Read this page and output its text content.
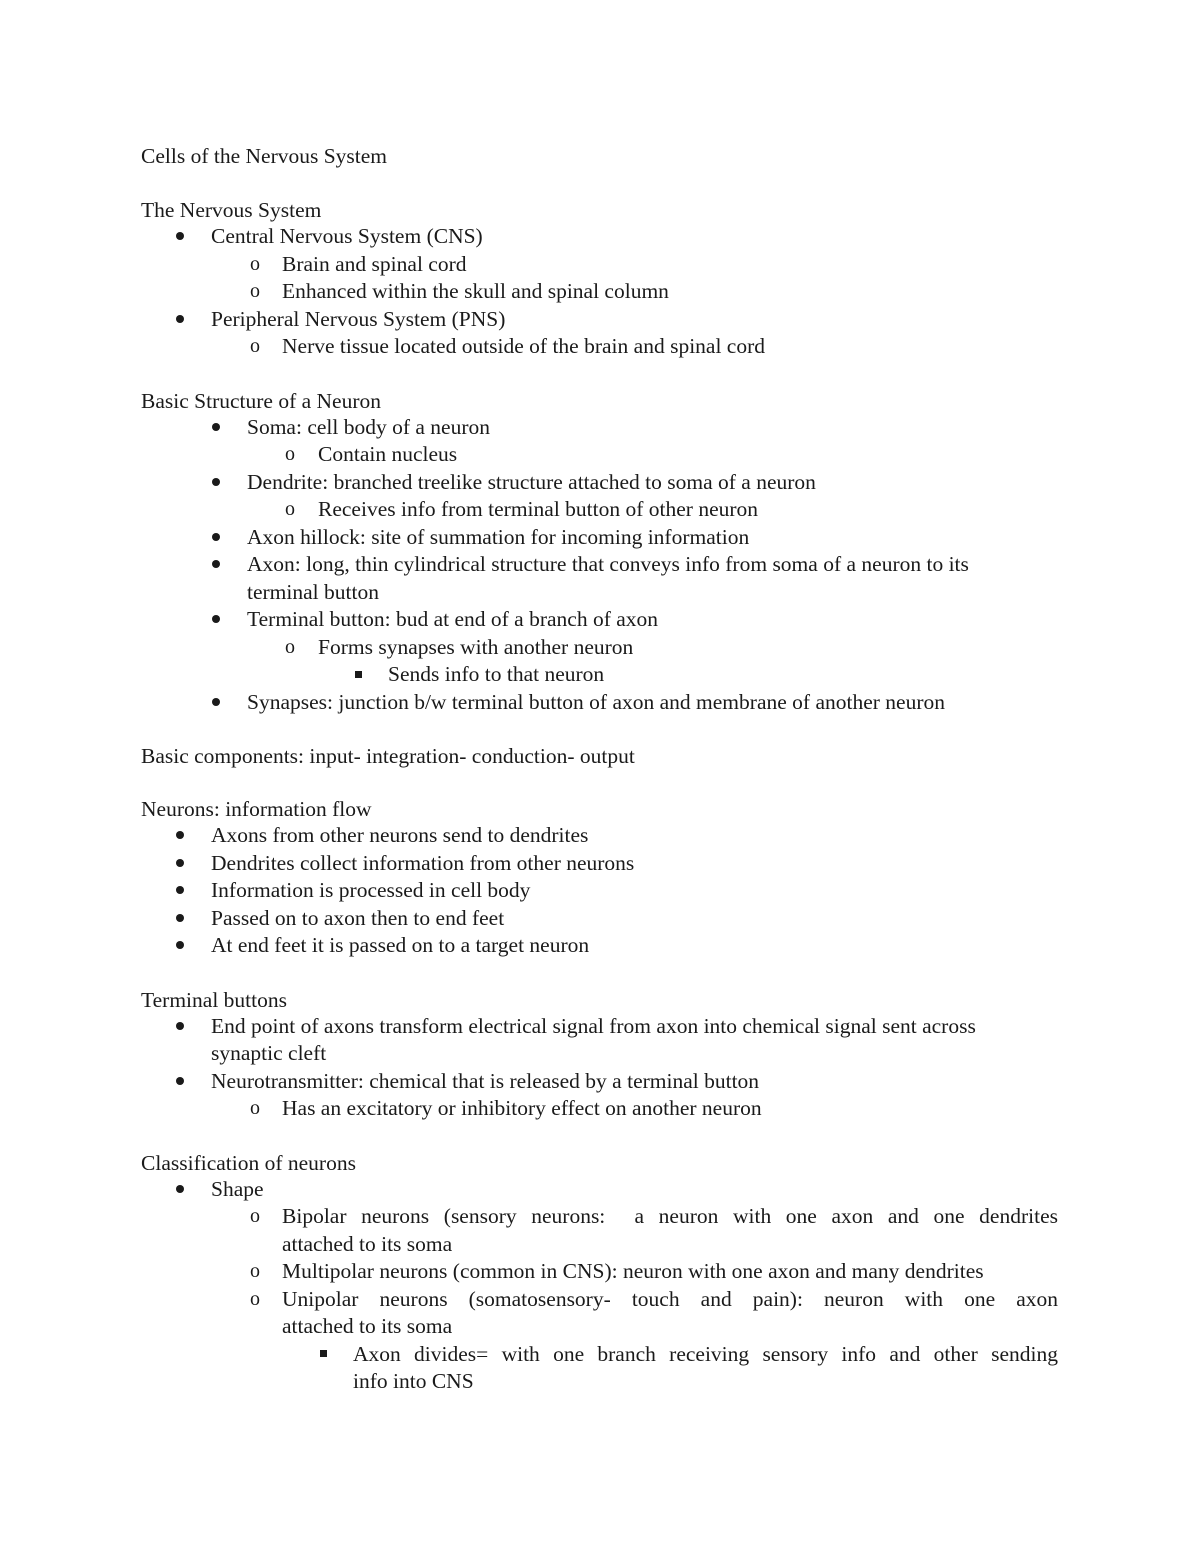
Cells of the Nervous System
The Nervous System
Central Nervous System (CNS)
o Brain and spinal cord
o Enhanced within the skull and spinal column
Peripheral Nervous System (PNS)
o Nerve tissue located outside of the brain and spinal cord
Basic Structure of a Neuron
Soma: cell body of a neuron
o Contain nucleus
Dendrite: branched treelike structure attached to soma of a neuron
o Receives info from terminal button of other neuron
Axon hillock: site of summation for incoming information
Axon: long, thin cylindrical structure that conveys info from soma of a neuron to its
terminal button
Terminal button: bud at end of a branch of axon
o Forms synapses with another neuron
Sends info to that neuron
Synapses: junction b/w terminal button of axon and membrane of another neuron
Basic components: input- integration- conduction- output
Neurons: information flow
Axons from other neurons send to dendrites
Dendrites collect information from other neurons
Information is processed in cell body
Passed on to axon then to end feet
At end feet it is passed on to a target neuron
Terminal buttons
End point of axons transform electrical signal from axon into chemical signal sent across
synaptic cleft
Neurotransmitter: chemical that is released by a terminal button
o Has an excitatory or inhibitory effect on another neuron
Classification of neurons
Shape
o Bipolar neurons (sensory neurons:  a neuron with one axon and one dendrites
attached to its soma
o Multipolar neurons (common in CNS): neuron with one axon and many dendrites
o Unipolar neurons (somatosensory- touch and pain): neuron with one axon
attached to its soma
Axon divides= with one branch receiving sensory info and other sending
info into CNS
